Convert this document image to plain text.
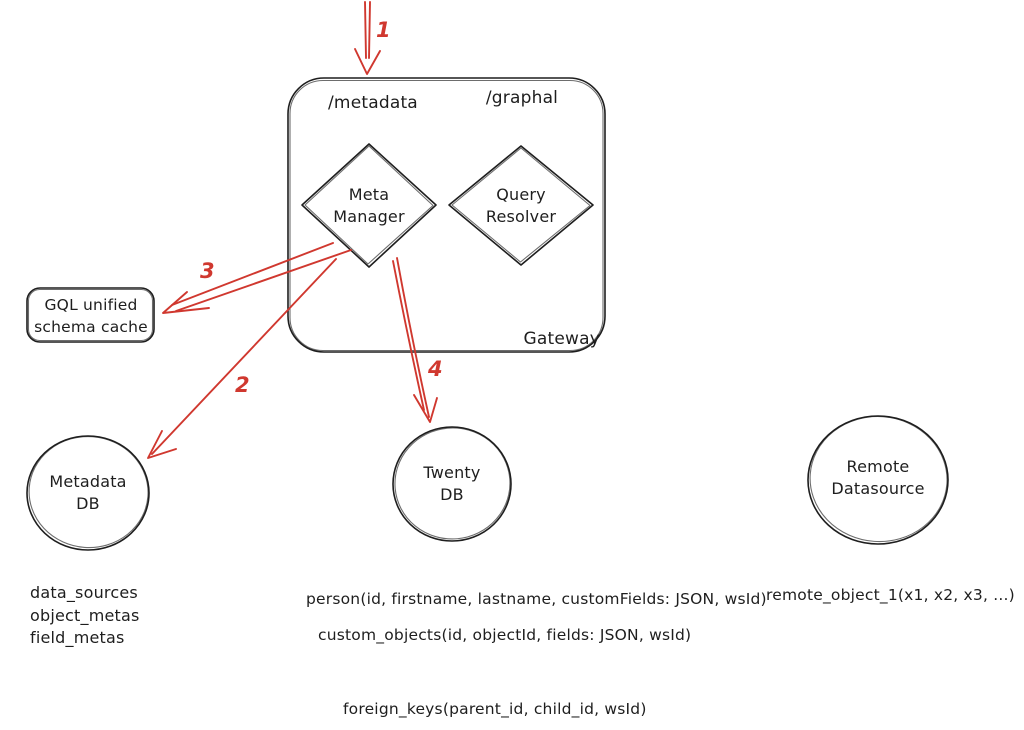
/metadata	/graphal
Meta
Manager
Query
Resolver
Gateway
GQL unified
schema cache
Metadata
DB
Twenty
DB
Remote
Datasource
data_sources
object_metas
field_metas
person(id, firstname, lastname, customFields: JSON, wsId)
custom_objects(id, objectId, fields: JSON, wsId)
remote_object_1(x1, x2, x3, ...)
foreign_keys(parent_id, child_id, wsId)
1
3
2
4
